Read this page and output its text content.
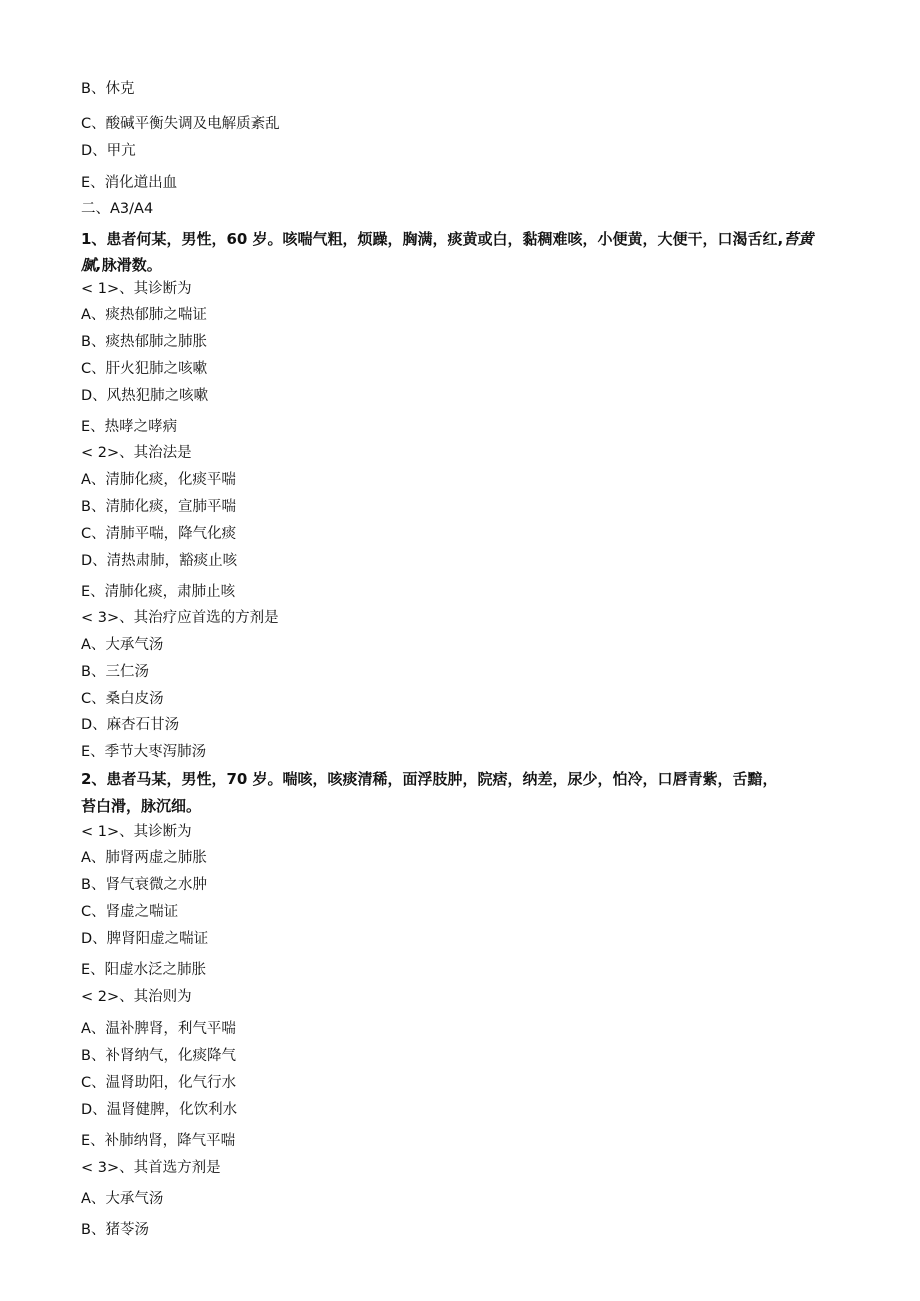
B、休克
C、酸碱平衡失调及电解质紊乱
D、甲亢
E、消化道出血
二、A3/A4
1、患者何某，男性，60 岁。咳喘气粗，烦躁，胸满，痰黄或白，黏稠难咳，小便黄，大便干，口渴舌红,苔黄腻,脉滑数。
< 1>、其诊断为
A、痰热郁肺之喘证
B、痰热郁肺之肺胀
C、肝火犯肺之咳嗽
D、风热犯肺之咳嗽
E、热哮之哮病
< 2>、其治法是
A、清肺化痰，化痰平喘
B、清肺化痰，宣肺平喘
C、清肺平喘，降气化痰
D、清热肃肺，豁痰止咳
E、清肺化痰，肃肺止咳
< 3>、其治疗应首选的方剂是
A、大承气汤
B、三仁汤
C、桑白皮汤
D、麻杏石甘汤
E、季节大枣泻肺汤
2、患者马某，男性，70 岁。喘咳，咳痰清稀，面浮肢肿，院痞，纳差，尿少，怕冷，口唇青紫，舌黯，
苔白滑，脉沉细。
< 1>、其诊断为
A、肺肾两虚之肺胀
B、肾气衰微之水肿
C、肾虚之喘证
D、脾肾阳虚之喘证
E、阳虚水泛之肺胀
< 2>、其治则为
A、温补脾肾，利气平喘
B、补肾纳气，化痰降气
C、温肾助阳，化气行水
D、温肾健脾，化饮利水
E、补肺纳肾，降气平喘
< 3>、其首选方剂是
A、大承气汤
B、猪苓汤
